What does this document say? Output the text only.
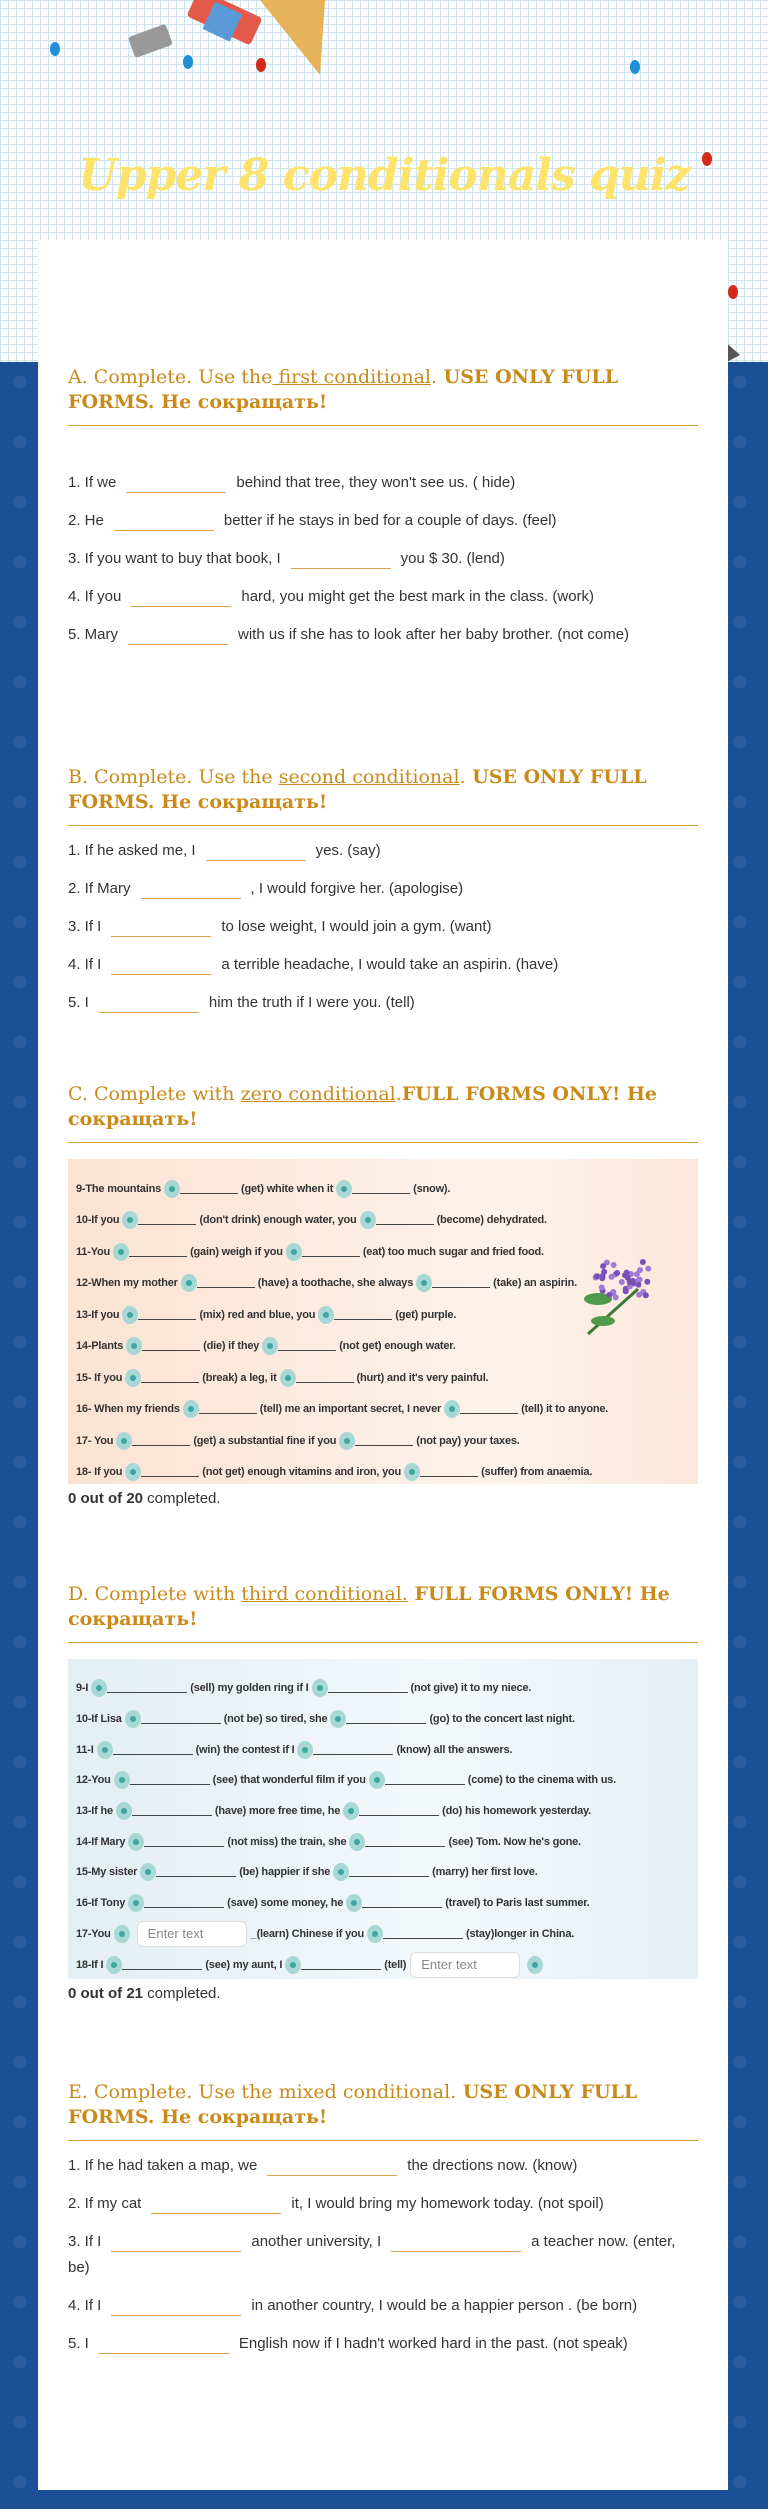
Upper 8 conditionals quiz
A. Complete. Use the first conditional. USE ONLY FULL FORMS. Не сокращать!
1. If we	behind that tree, they won't see us. ( hide)
2. He	better if he stays in bed for a couple of days. (feel)
3. If you want to buy that book, I	you $ 30. (lend)
4. If you	hard, you might get the best mark in the class. (work)
5. Mary	with us if she has to look after her baby brother. (not come)
B. Complete. Use the second conditional. USE ONLY FULL FORMS. Не сокращать!
1. If he asked me, I	yes. (say)
2. If Mary	, I would forgive her. (apologise)
3. If I	to lose weight, I would join a gym. (want)
4. If I	a terrible headache, I would take an aspirin. (have)
5. I	him the truth if I were you. (tell)
C. Complete with zero conditional.FULL FORMS ONLY! Не сокращать!
9-The mountains	(get) white when it	(snow).
10-If you	(don't drink) enough water, you	(become) dehydrated.
11-You	(gain) weigh if you	(eat) too much sugar and fried food.
12-When my mother	(have) a toothache, she always	(take) an aspirin.
13-If you	(mix) red and blue, you	(get) purple.
14-Plants	(die) if they	(not get) enough water.
15- If you	(break) a leg, it	(hurt) and it's very painful.
16- When my friends	(tell) me an important secret, I never	(tell) it to anyone.
17- You	(get) a substantial fine if you	(not pay) your taxes.
18- If you	(not get) enough vitamins and iron, you	(suffer) from anaemia.
0 out of 20 completed.
D. Complete with third conditional. FULL FORMS ONLY! Не сокращать!
9-I	(sell) my golden ring if I	(not give) it to my niece.
10-If Lisa	(not be) so tired, she	(go) to the concert last night.
11-I	(win) the contest if I	(know) all the answers.
12-You	(see) that wonderful film if you	(come) to the cinema with us.
13-If he	(have) more free time, he	(do) his homework yesterday.
14-If Mary	(not miss) the train, she	(see) Tom. Now he's gone.
15-My sister	(be) happier if she	(marry) her first love.
16-If Tony	(save) some money, he	(travel) to Paris last summer.
17-You	Enter text	_(learn) Chinese if you	(stay)longer in China.
18-If I	(see) my aunt, I	(tell) Enter text
0 out of 21 completed.
E. Complete. Use the mixed conditional. USE ONLY FULL FORMS. Не сокращать!
1. If he had taken a map, we	the drections now. (know)
2. If my cat	it, I would bring my homework today. (not spoil)
3. If I	another university, I	a teacher now. (enter, be)
4. If I	in another country, I would be a happier person . (be born)
5. I	English now if I hadn't worked hard in the past. (not speak)
